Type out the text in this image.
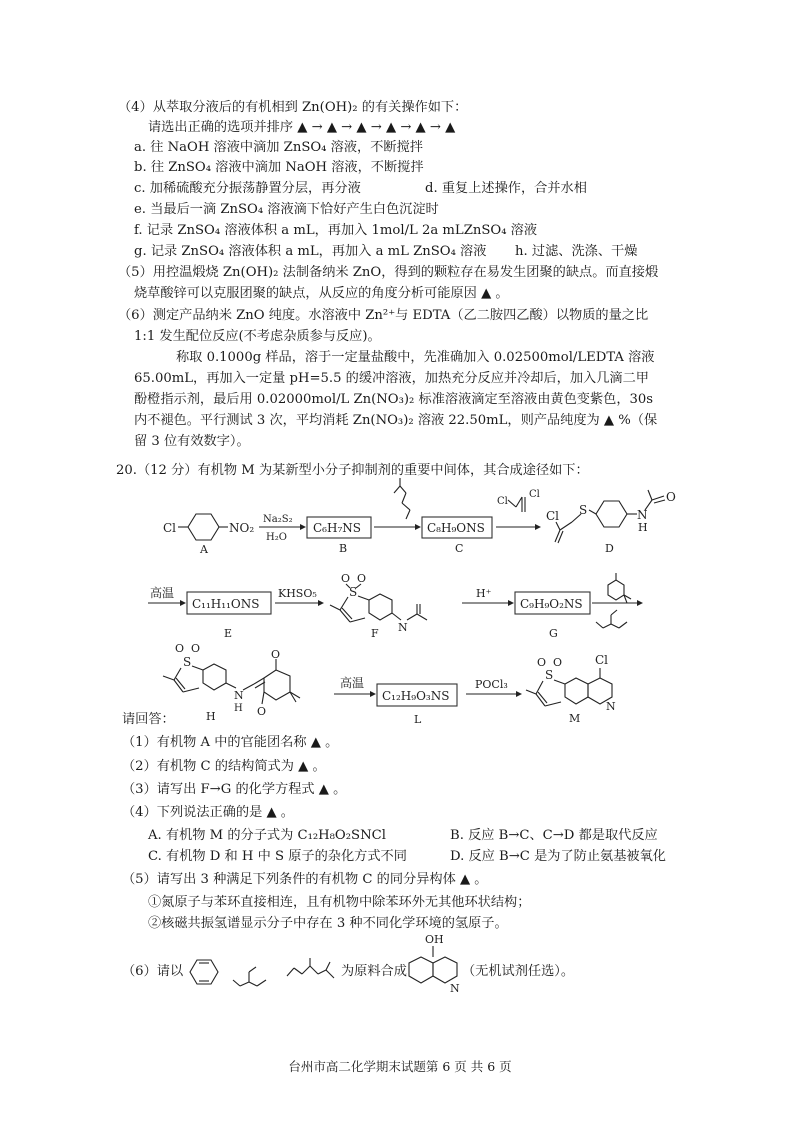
（4）从萃取分液后的有机相到 Zn(OH)₂ 的有关操作如下：
请选出正确的选项并排序 ▲ → ▲ → ▲ → ▲ → ▲ → ▲
a. 往 NaOH 溶液中滴加 ZnSO₄ 溶液，不断搅拌
b. 往 ZnSO₄ 溶液中滴加 NaOH 溶液，不断搅拌
c. 加稀硫酸充分振荡静置分层，再分液	d. 重复上述操作，合并水相
e. 当最后一滴 ZnSO₄ 溶液滴下恰好产生白色沉淀时
f. 记录 ZnSO₄ 溶液体积 a mL，再加入 1mol/L 2a mLZnSO₄ 溶液
g. 记录 ZnSO₄ 溶液体积 a mL，再加入 a mL ZnSO₄ 溶液 h. 过滤、洗涤、干燥
（5）用控温煅烧 Zn(OH)₂ 法制备纳米 ZnO，得到的颗粒存在易发生团聚的缺点。而直接煅
烧草酸锌可以克服团聚的缺点，从反应的角度分析可能原因 ▲ 。
（6）测定产品纳米 ZnO 纯度。水溶液中 Zn²⁺与 EDTA（乙二胺四乙酸）以物质的量之比
1:1 发生配位反应(不考虑杂质参与反应)。
称取 0.1000g 样品，溶于一定量盐酸中，先准确加入 0.02500mol/LEDTA 溶液
65.00mL，再加入一定量 pH=5.5 的缓冲溶液，加热充分反应并冷却后，加入几滴二甲
酚橙指示剂，最后用 0.02000mol/L Zn(NO₃)₂ 标准溶液滴定至溶液由黄色变紫色，30s
内不褪色。平行测试 3 次，平均消耗 Zn(NO₃)₂ 溶液 22.50mL，则产品纯度为 ▲ %（保
留 3 位有效数字）。
20.（12 分）有机物 M 为某新型小分子抑制剂的重要中间体，其合成途径如下：
Cl	NO₂
A
Na₂S₂
H₂O
C₆H₇NS
B
C₈H₉ONS
C
Cl
Cl
Cl S	N
H
O
D
高温
C₁₁H₁₁ONS
E
KHSO₅
O O
S
N
F
H⁺
C₉H₉O₂NS
G
O O
S
N
H
O
O
H
高温
C₁₂H₉O₃NS
L
POCl₃
O O
S
Cl
N
M
请回答：
（1）有机物 A 中的官能团名称 ▲ 。
（2）有机物 C 的结构简式为 ▲ 。
（3）请写出 F→G 的化学方程式 ▲ 。
（4）下列说法正确的是 ▲ 。
A. 有机物 M 的分子式为 C₁₂H₈O₂SNCl	B. 反应 B→C、C→D 都是取代反应
C. 有机物 D 和 H 中 S 原子的杂化方式不同	D. 反应 B→C 是为了防止氨基被氧化
（5）请写出 3 种满足下列条件的有机物 C 的同分异构体 ▲ 。
①氮原子与苯环直接相连，且有机物中除苯环外无其他环状结构；
②核磁共振氢谱显示分子中存在 3 种不同化学环境的氢原子。
（6）请以	为原料合成	（无机试剂任选）。
OH
N
台州市高二化学期末试题第 6 页 共 6 页
